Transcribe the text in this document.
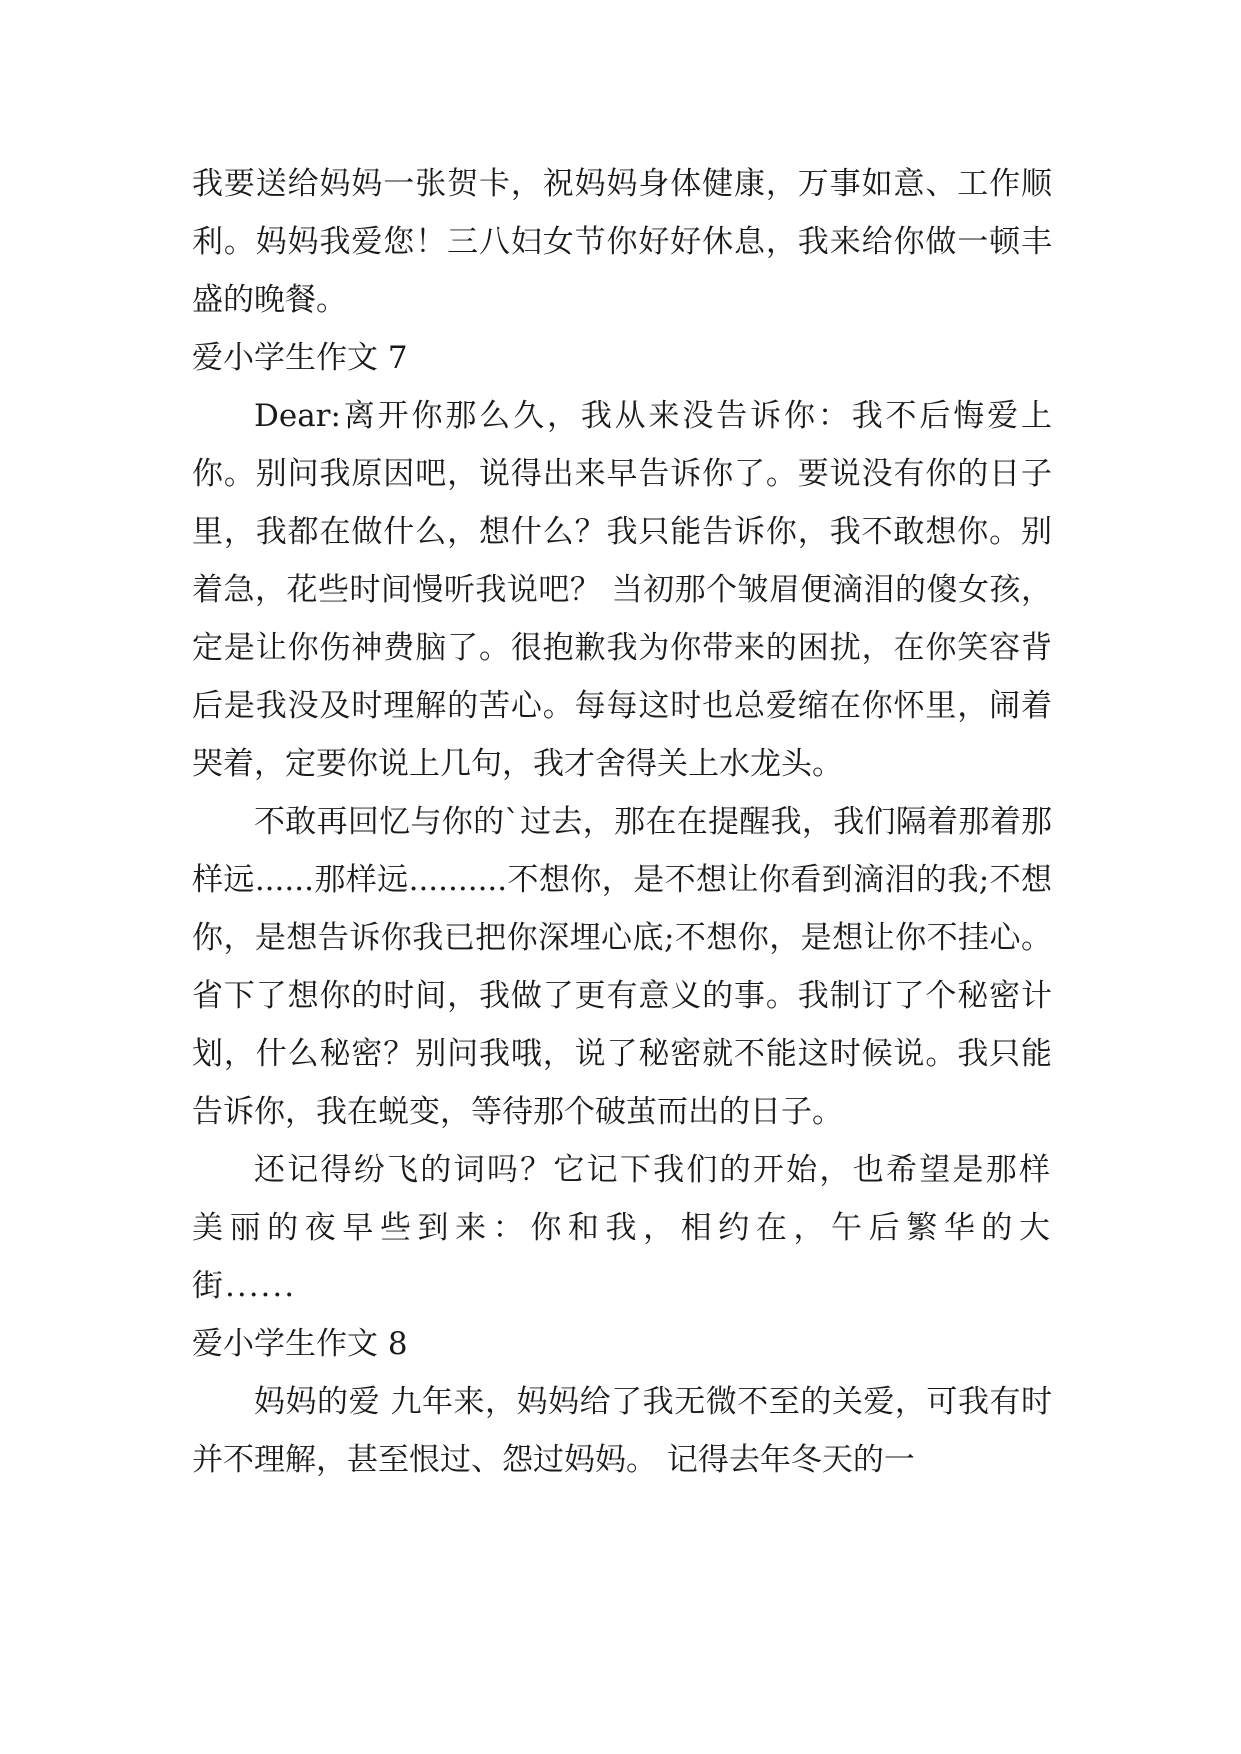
我要送给妈妈一张贺卡，祝妈妈身体健康，万事如意、工作顺利。妈妈我爱您！三八妇女节你好好休息，我来给你做一顿丰盛的晚餐。

爱小学生作文 7

Dear:离开你那么久，我从来没告诉你：我不后悔爱上你。别问我原因吧，说得出来早告诉你了。要说没有你的日子里，我都在做什么，想什么？我只能告诉你，我不敢想你。别着急，花些时间慢听我说吧？ 当初那个皱眉便滴泪的傻女孩，定是让你伤神费脑了。很抱歉我为你带来的困扰，在你笑容背后是我没及时理解的苦心。每每这时也总爱缩在你怀里，闹着哭着，定要你说上几句，我才舍得关上水龙头。

不敢再回忆与你的`过去，那在在提醒我，我们隔着那着那样远......那样远..........不想你，是不想让你看到滴泪的我;不想你，是想告诉你我已把你深埋心底;不想你，是想让你不挂心。省下了想你的时间，我做了更有意义的事。我制订了个秘密计划，什么秘密？别问我哦，说了秘密就不能这时候说。我只能告诉你，我在蜕变，等待那个破茧而出的日子。

还记得纷飞的词吗？它记下我们的开始，也希望是那样美丽的夜早些到来：你和我，相约在，午后繁华的大街......

爱小学生作文 8

妈妈的爱 九年来，妈妈给了我无微不至的关爱，可我有时并不理解，甚至恨过、怨过妈妈。 记得去年冬天的一
